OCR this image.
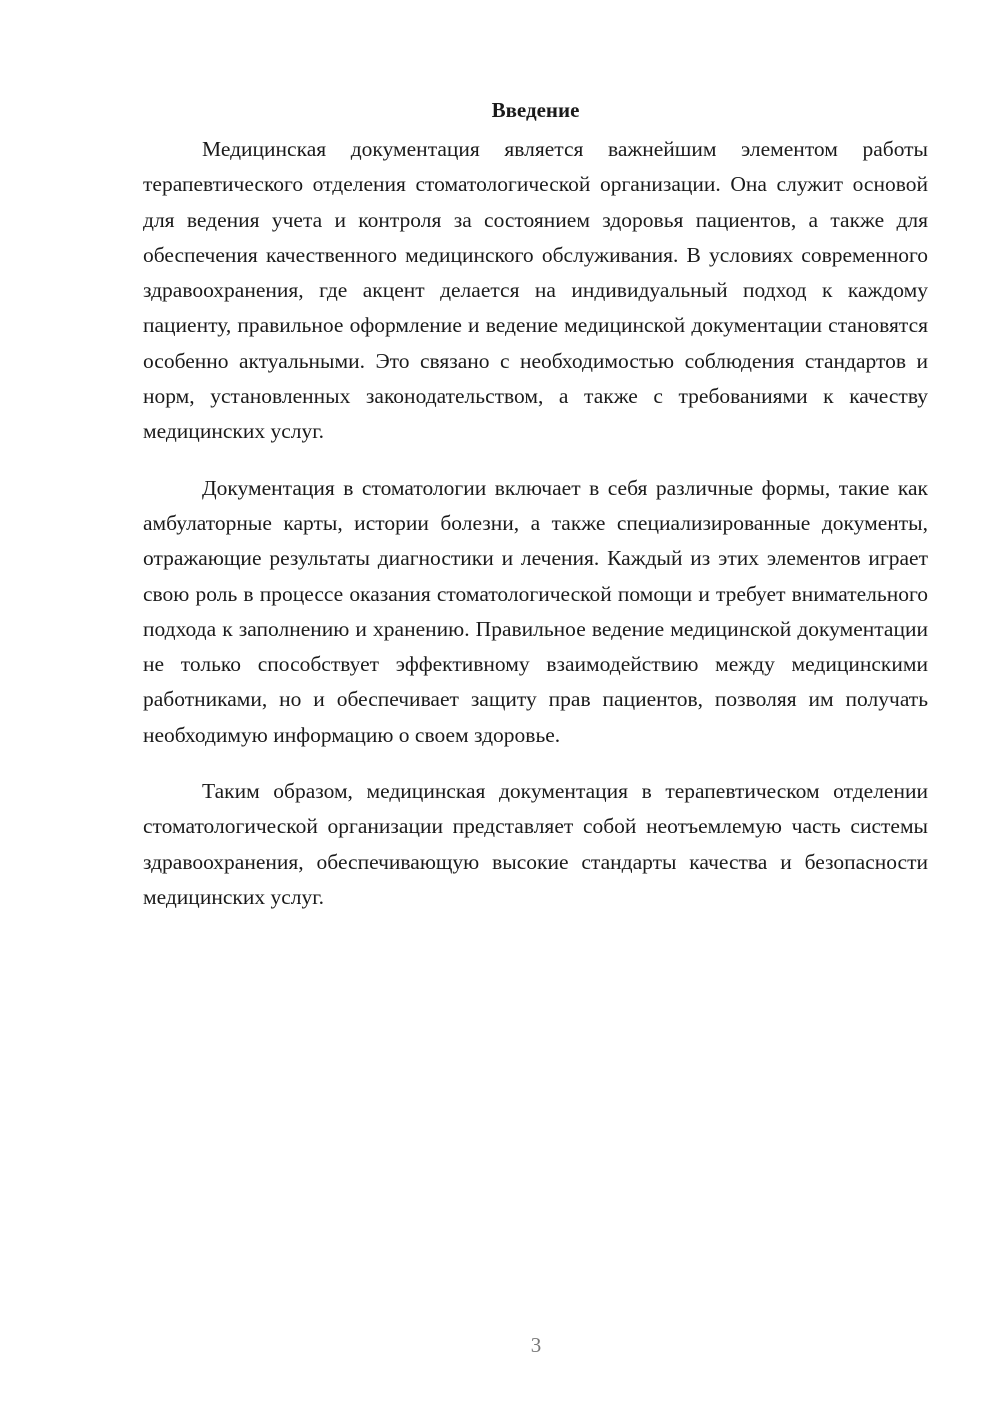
Введение

Медицинская документация является важнейшим элементом работы терапевтического отделения стоматологической организации. Она служит основой для ведения учета и контроля за состоянием здоровья пациентов, а также для обеспечения качественного медицинского обслуживания. В условиях современного здравоохранения, где акцент делается на индивидуальный подход к каждому пациенту, правильное оформление и ведение медицинской документации становятся особенно актуальными. Это связано с необходимостью соблюдения стандартов и норм, установленных законодательством, а также с требованиями к качеству медицинских услуг.

Документация в стоматологии включает в себя различные формы, такие как амбулаторные карты, истории болезни, а также специализированные документы, отражающие результаты диагностики и лечения. Каждый из этих элементов играет свою роль в процессе оказания стоматологической помощи и требует внимательного подхода к заполнению и хранению. Правильное ведение медицинской документации не только способствует эффективному взаимодействию между медицинскими работниками, но и обеспечивает защиту прав пациентов, позволяя им получать необходимую информацию о своем здоровье.

Таким образом, медицинская документация в терапевтическом отделении стоматологической организации представляет собой неотъемлемую часть системы здравоохранения, обеспечивающую высокие стандарты качества и безопасности медицинских услуг.

3
